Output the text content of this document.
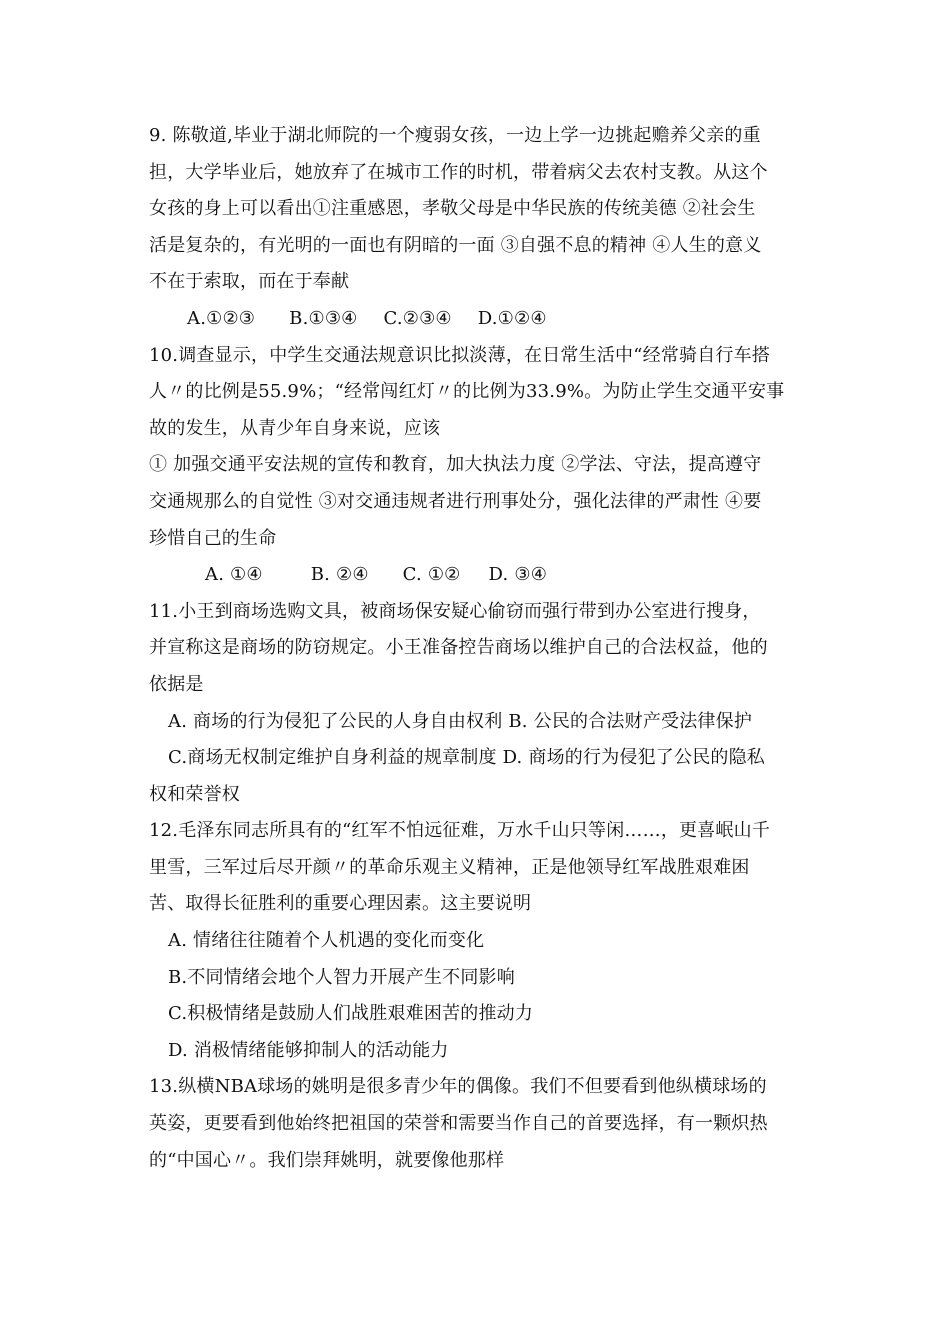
9. 陈敬道,毕业于湖北师院的一个瘦弱女孩，一边上学一边挑起赡养父亲的重
担，大学毕业后，她放弃了在城市工作的时机，带着病父去农村支教。从这个
女孩的身上可以看出①注重感恩，孝敬父母是中华民族的传统美德 ②社会生
活是复杂的，有光明的一面也有阴暗的一面 ③自强不息的精神 ④人生的意义
不在于索取，而在于奉献
A.①②③ B.①③④ C.②③④ D.①②④
10.调查显示，中学生交通法规意识比拟淡薄，在日常生活中“经常骑自行车搭
人〃的比例是55.9%；“经常闯红灯〃的比例为33.9%。为防止学生交通平安事
故的发生，从青少年自身来说，应该
① 加强交通平安法规的宣传和教育，加大执法力度 ②学法、守法，提高遵守
交通规那么的自觉性 ③对交通违规者进行刑事处分，强化法律的严肃性 ④要
珍惜自己的生命
A. ①④	B. ②④ C. ①② D. ③④
11.小王到商场选购文具，被商场保安疑心偷窃而强行带到办公室进行搜身，
并宣称这是商场的防窃规定。小王准备控告商场以维护自己的合法权益，他的
依据是
A. 商场的行为侵犯了公民的人身自由权利 B. 公民的合法财产受法律保护
C.商场无权制定维护自身利益的规章制度 D. 商场的行为侵犯了公民的隐私
权和荣誉权
12.毛泽东同志所具有的“红军不怕远征难，万水千山只等闲……，更喜岷山千
里雪，三军过后尽开颜〃的革命乐观主义精神，正是他领导红军战胜艰难困
苦、取得长征胜利的重要心理因素。这主要说明
A. 情绪往往随着个人机遇的变化而变化
B.不同情绪会地个人智力开展产生不同影响
C.积极情绪是鼓励人们战胜艰难困苦的推动力
D. 消极情绪能够抑制人的活动能力
13.纵横NBA球场的姚明是很多青少年的偶像。我们不但要看到他纵横球场的
英姿，更要看到他始终把祖国的荣誉和需要当作自己的首要选择，有一颗炽热
的“中国心〃。我们崇拜姚明，就要像他那样
